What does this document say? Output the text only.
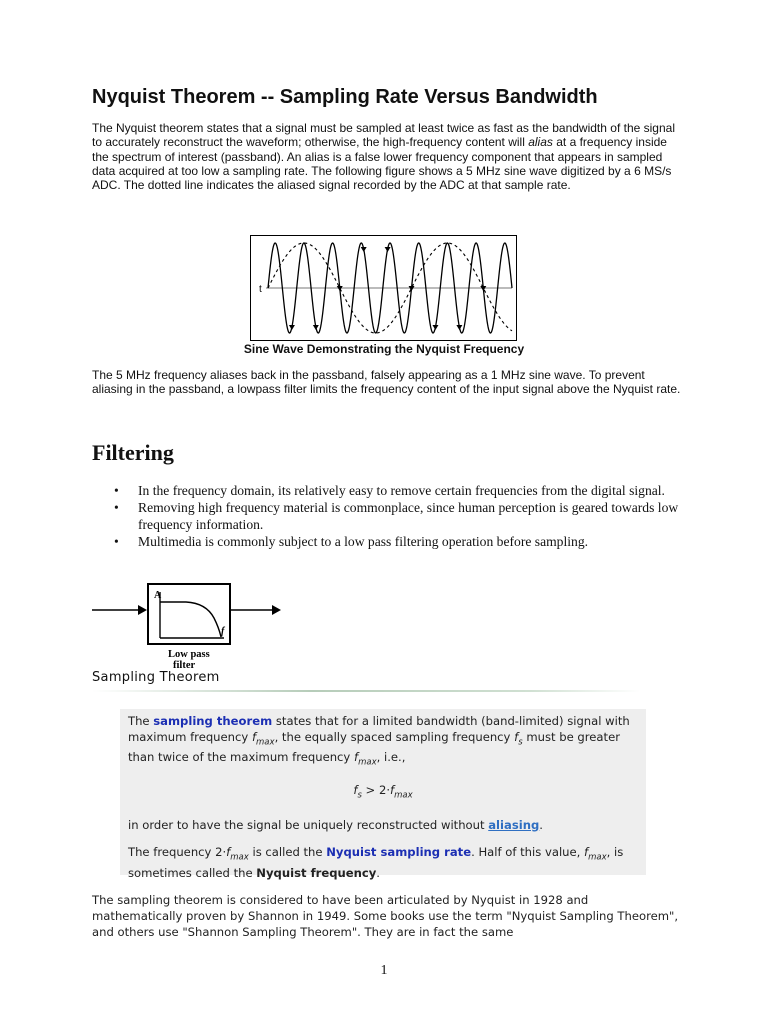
Nyquist Theorem -- Sampling Rate Versus Bandwidth

The Nyquist theorem states that a signal must be sampled at least twice as fast as the bandwidth of the signal to accurately reconstruct the waveform; otherwise, the high-frequency content will alias at a frequency inside the spectrum of interest (passband). An alias is a false lower frequency component that appears in sampled data acquired at too low a sampling rate. The following figure shows a 5 MHz sine wave digitized by a 6 MS/s ADC. The dotted line indicates the aliased signal recorded by the ADC at that sample rate.

t
Sine Wave Demonstrating the Nyquist Frequency

The 5 MHz frequency aliases back in the passband, falsely appearing as a 1 MHz sine wave. To prevent aliasing in the passband, a lowpass filter limits the frequency content of the input signal above the Nyquist rate.

Filtering
• In the frequency domain, its relatively easy to remove certain frequencies from the digital signal.
• Removing high frequency material is commonplace, since human perception is geared towards low frequency information.
• Multimedia is commonly subject to a low pass filtering operation before sampling.
A
f
Low pass
filter
Sampling Theorem

The sampling theorem states that for a limited bandwidth (band-limited) signal with maximum frequency $f_{max}$, the equally spaced sampling frequency $f_s$ must be greater than twice of the maximum frequency $f_{max}$, i.e.,

$f_s > 2\cdot f_{max}$

in order to have the signal be uniquely reconstructed without aliasing.

The frequency $2\cdot f_{max}$ is called the Nyquist sampling rate. Half of this value, $f_{max}$, is sometimes called the Nyquist frequency.

The sampling theorem is considered to have been articulated by Nyquist in 1928 and mathematically proven by Shannon in 1949. Some books use the term "Nyquist Sampling Theorem", and others use "Shannon Sampling Theorem". They are in fact the same

1
